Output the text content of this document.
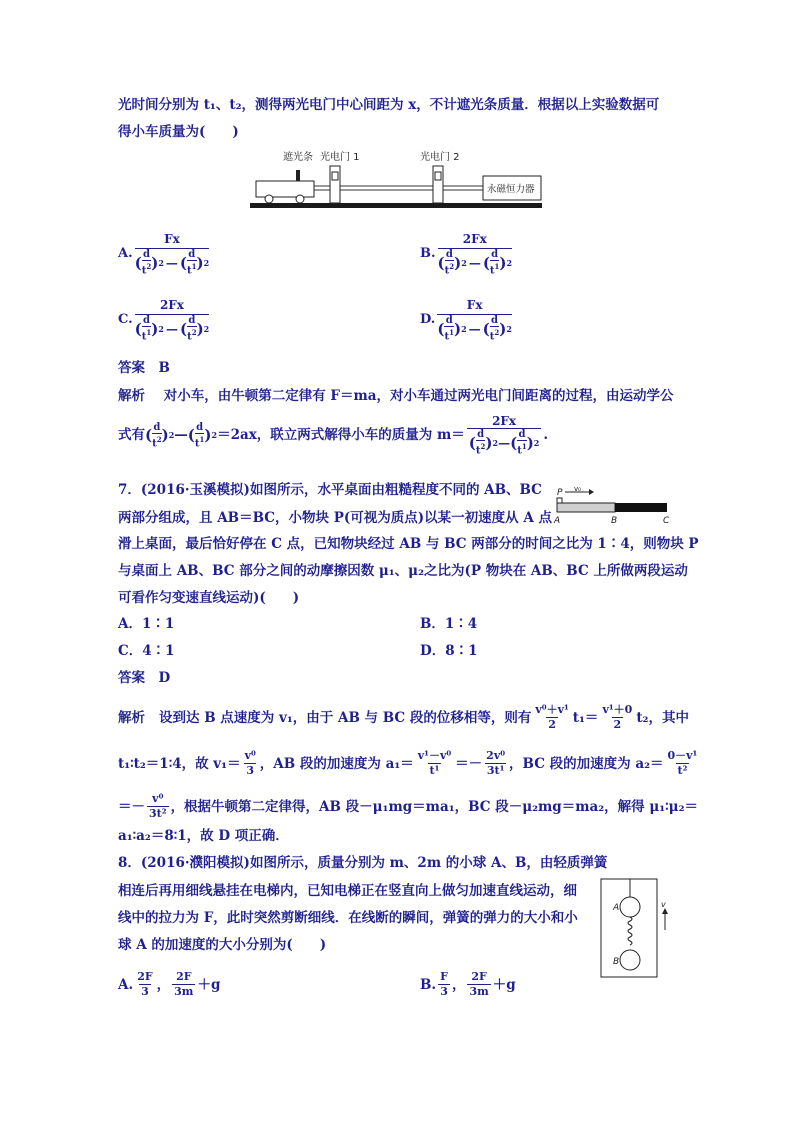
光时间分别为 t₁、t₂，测得两光电门中心间距为 x，不计遮光条质量．根据以上实验数据可
得小车质量为(　　)
遮光条 光电门 1	光电门 2
永磁恒力器
A. Fx
( d
$t^2$ ) 2 — ( d
$t^1$ ) 2	B. 2Fx
( d
$t^2$ ) 2 — ( d
$t^1$ ) 2
C. 2Fx
( d
$t^1$ ) 2 — ( d
$t^2$ ) 2	D. Fx
( d
$t^1$ ) 2 — ( d
$t^2$ ) 2
答案　B
解析 对小车，由牛顿第二定律有 F＝ma，对小车通过两光电门间距离的过程，由运动学公
式有 ( d
$t^2$ ) 2 — ( d
$t^1$ ) 2 ＝2ax，联立两式解得小车的质量为 m＝ 2Fx
( d
$t^2$ ) 2 — ( d
$t^1$ ) 2 .
7．(2016·玉溪模拟)如图所示，水平桌面由粗糙程度不同的 AB、BC
两部分组成，且 AB＝BC，小物块 P(可视为质点)以某一初速度从 A 点
滑上桌面，最后恰好停在 C 点，已知物块经过 AB 与 BC 两部分的时间之比为 1∶4，则物块 P
与桌面上 AB、BC 部分之间的动摩擦因数 μ₁、μ₂之比为(P 物块在 AB、BC 上所做两段运动
可看作匀变速直线运动)(　　)
P v₀
A	B	C
A．1∶1	B．1∶4
C．4∶1	D．8∶1
答案　D
解析 设到达 B 点速度为 v₁，由于 AB 与 BC 段的位移相等，则有 $\frac{\text{v⁰＋v¹}}{2} t_1= \frac{\text{v¹＋0}}{2} t_2$，其中
t₁∶t₂＝1∶4，故 $v_1= \frac{\text{v⁰}}{3}$ ，AB 段的加速度为 $a_1= \frac{\text{v¹－v⁰}}{\text{t¹}} =- \frac{\text{2v⁰}}{\text{3t¹}}$ ，BC 段的加速度为 $a_2= \frac{\text{0－v¹}}{\text{t²}}$
＝－ $\frac{\text{v⁰}}{\text{3t²}}$ ，根据牛顿第二定律得，AB 段－μ₁mg＝ma₁，BC 段－μ₂mg＝ma₂，解得 μ₁∶μ₂＝
a₁∶a₂＝8∶1，故 D 项正确．
8．(2016·濮阳模拟)如图所示，质量分别为 m、2m 的小球 A、B，由轻质弹簧
相连后再用细线悬挂在电梯内，已知电梯正在竖直向上做匀加速直线运动，细
线中的拉力为 F，此时突然剪断细线．在线断的瞬间，弹簧的弹力的大小和小
球 A 的加速度的大小分别为(　　)
A
B
v
A. $\frac{2F}{3}$ ， $\frac{2F}{3m} +g$	B. $\frac{F}{3}$ ， $\frac{2F}{3m} +g$
